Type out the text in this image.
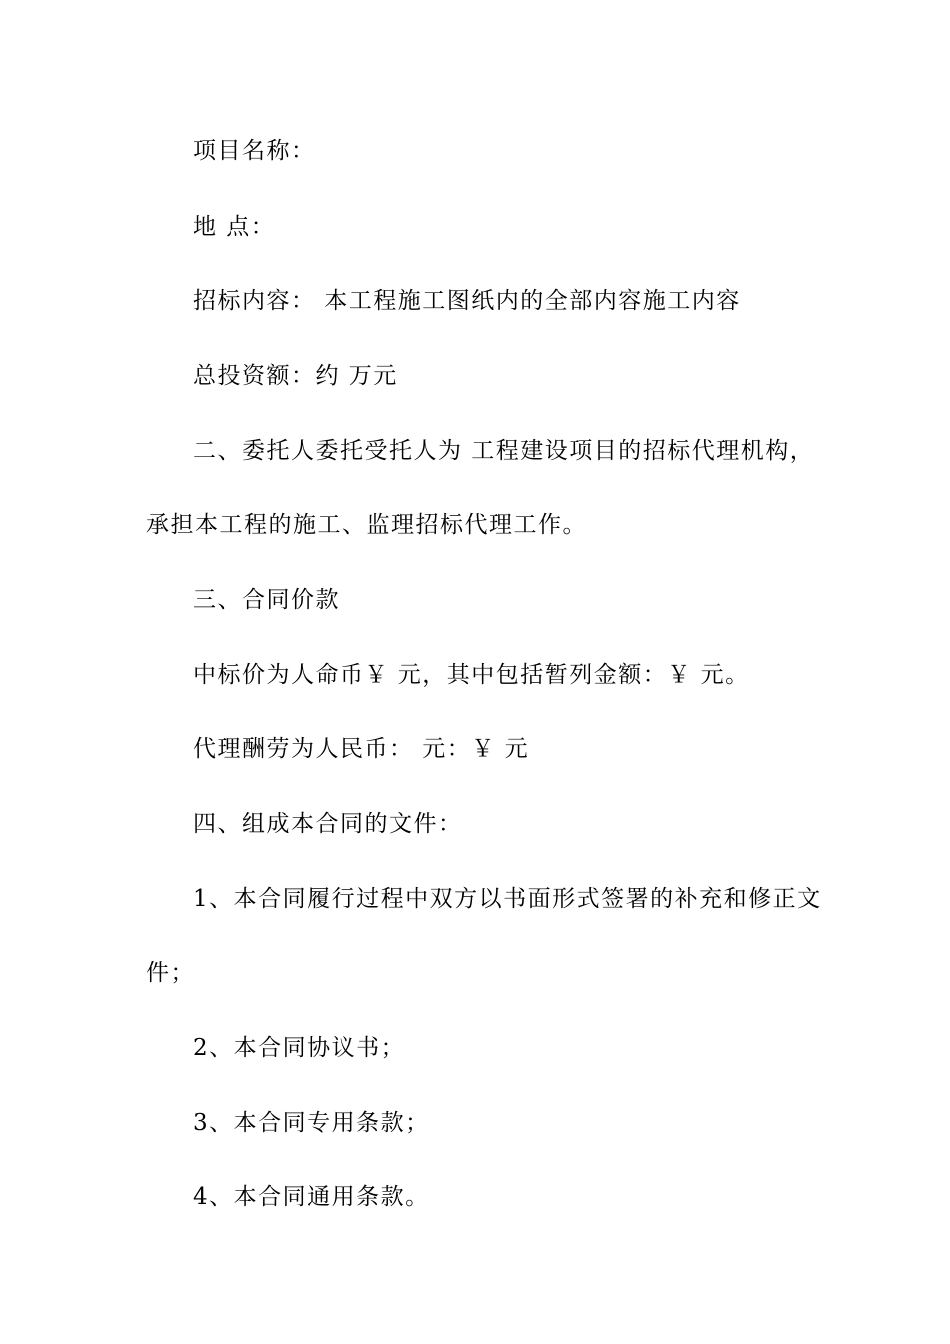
项目名称：
地 点：
招标内容： 本工程施工图纸内的全部内容施工内容
总投资额：约 万元
二、委托人委托受托人为 工程建设项目的招标代理机构，
承担本工程的施工、监理招标代理工作。
三、合同价款
中标价为人命币￥ 元，其中包括暂列金额：￥ 元。
代理酬劳为人民币： 元：￥ 元
四、组成本合同的文件：
1、本合同履行过程中双方以书面形式签署的补充和修正文
件；
2、本合同协议书；
3、本合同专用条款；
4、本合同通用条款。
